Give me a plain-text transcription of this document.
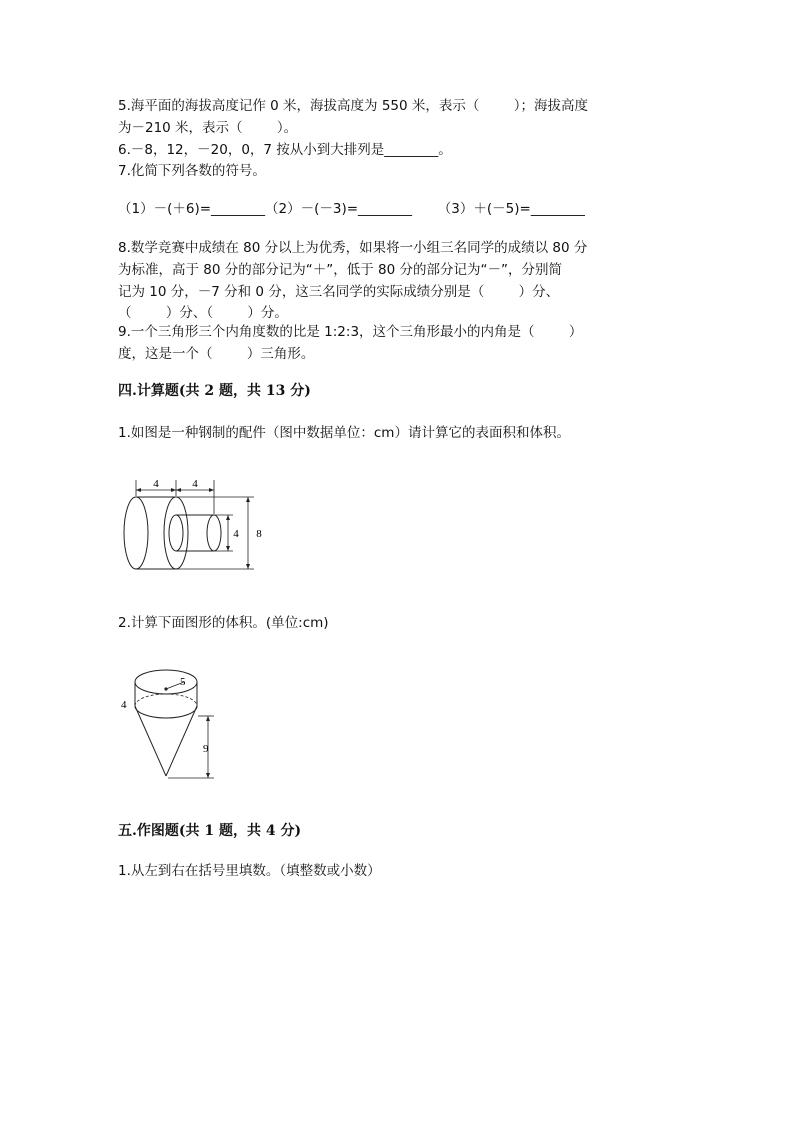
5.海平面的海拔高度记作 0 米，海拔高度为 550 米，表示（        ）；海拔高度
为－210 米，表示（        ）。
6.－8，12，－20，0，7 按从小到大排列是________。
7.化简下列各数的符号。
（1）－(＋6)=________（2）－(－3)=________      （3）＋(－5)=________
8.数学竞赛中成绩在 80 分以上为优秀，如果将一小组三名同学的成绩以 80 分
为标准，高于 80 分的部分记为“＋”，低于 80 分的部分记为“－”，分别简
记为 10 分，－7 分和 0 分，这三名同学的实际成绩分别是（        ）分、
（        ）分、（        ）分。
9.一个三角形三个内角度数的比是 1:2:3，这个三角形最小的内角是（        ）
度，这是一个（        ）三角形。
四.计算题(共 2 题，共 13 分)
1.如图是一种钢制的配件（图中数据单位：cm）请计算它的表面积和体积。
4	4
4 8
2.计算下面图形的体积。(单位:cm)
5
4
9
五.作图题(共 1 题，共 4 分)
1.从左到右在括号里填数。（填整数或小数）
